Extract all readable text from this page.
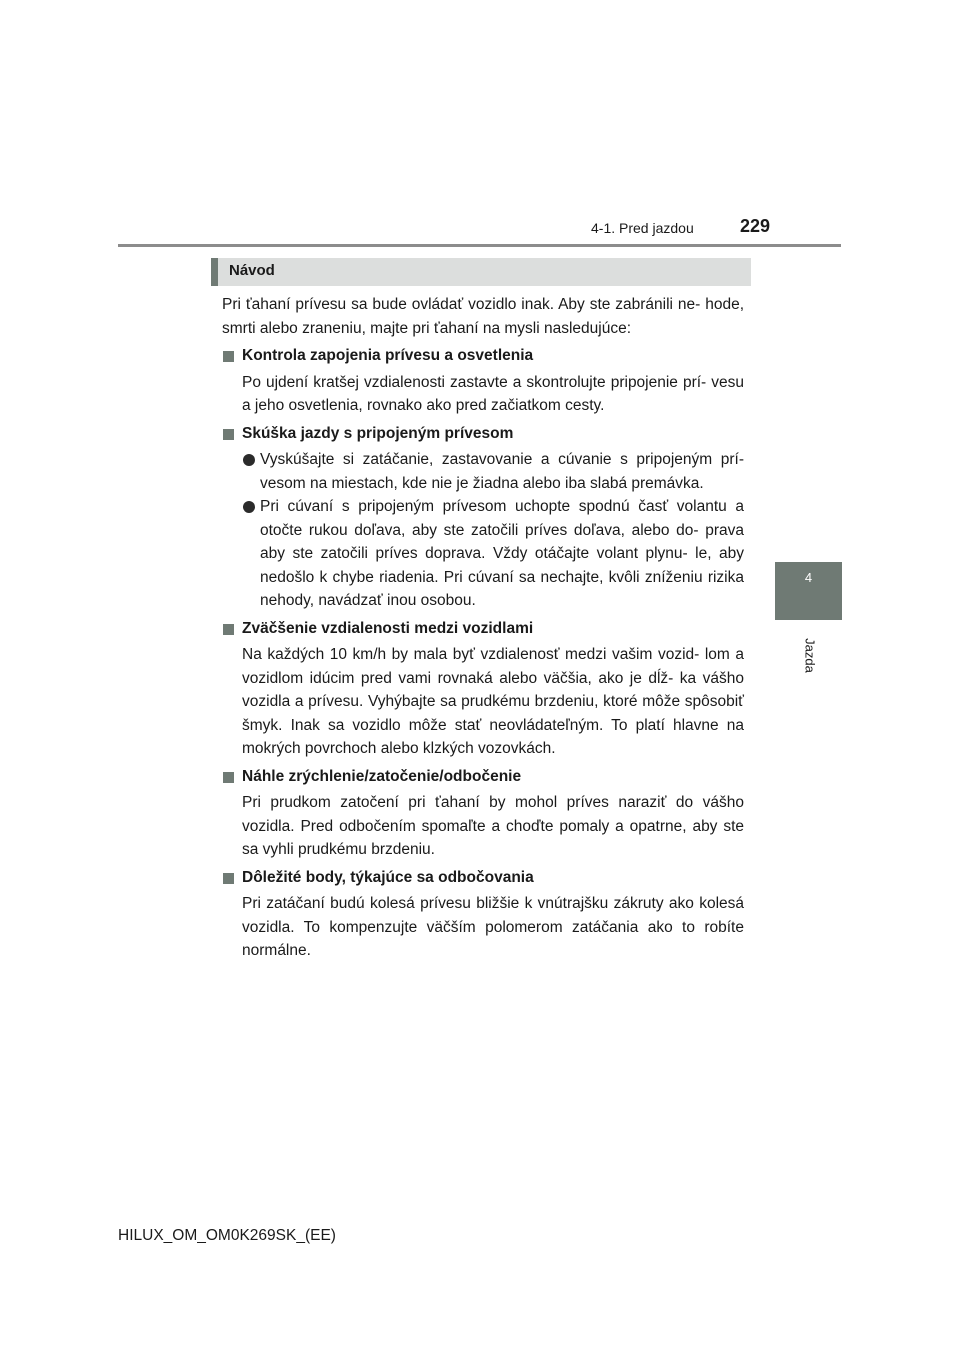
4-1. Pred jazdou	229
4
Jazda
Návod

Pri ťahaní prívesu sa bude ovládať vozidlo inak. Aby ste zabránili ne- hode, smrti alebo zraneniu, majte pri ťahaní na mysli nasledujúce:

Kontrola zapojenia prívesu a osvetlenia

Po ujdení kratšej vzdialenosti zastavte a skontrolujte pripojenie prí- vesu a jeho osvetlenia, rovnako ako pred začiatkom cesty.

Skúška jazdy s pripojeným prívesom

Vyskúšajte si zatáčanie, zastavovanie a cúvanie s pripojeným prí- vesom na miestach, kde nie je žiadna alebo iba slabá premávka.

Pri cúvaní s pripojeným prívesom uchopte spodnú časť volantu a otočte rukou doľava, aby ste zatočili príves doľava, alebo do- prava aby ste zatočili príves doprava. Vždy otáčajte volant plynu- le, aby nedošlo k chybe riadenia. Pri cúvaní sa nechajte, kvôli zníženiu rizika nehody, navádzať inou osobou.

Zväčšenie vzdialenosti medzi vozidlami

Na každých 10 km/h by mala byť vzdialenosť medzi vašim vozid- lom a vozidlom idúcim pred vami rovnaká alebo väčšia, ako je dĺž- ka vášho vozidla a prívesu. Vyhýbajte sa prudkému brzdeniu, ktoré môže spôsobiť šmyk. Inak sa vozidlo môže stať neovládateľným. To platí hlavne na mokrých povrchoch alebo klzkých vozovkách.

Náhle zrýchlenie/zatočenie/odbočenie

Pri prudkom zatočení pri ťahaní by mohol príves naraziť do vášho vozidla. Pred odbočením spomaľte a choďte pomaly a opatrne, aby ste sa vyhli prudkému brzdeniu.

Dôležité body, týkajúce sa odbočovania

Pri zatáčaní budú kolesá prívesu bližšie k vnútrajšku zákruty ako kolesá vozidla. To kompenzujte väčším polomerom zatáčania ako to robíte normálne.

HILUX_OM_OM0K269SK_(EE)
